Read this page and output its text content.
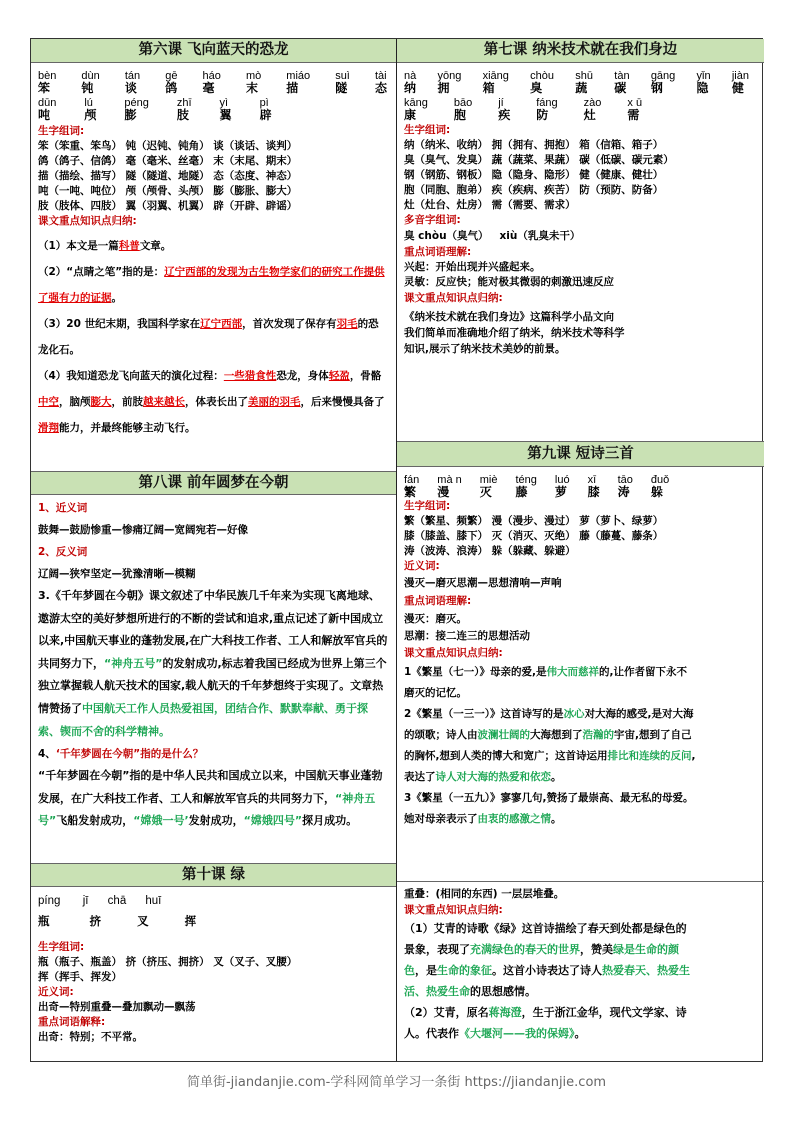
第六课 飞向蓝天的恐龙
bèn
笨
dùn
钝
tán
谈
gē
鸽
háo
毫
mò
末
miáo
描
suì
隧
tài
态
dūn
吨
lú
颅
péng
膨
zhī
肢
yì
翼
pì
辟
生字组词:
笨（笨重、笨鸟） 钝（迟钝、钝角） 谈（谈话、谈判）
鸽（鸽子、信鸽） 毫（毫米、丝毫） 末（末尾、期末）
描（描绘、描写） 隧（隧道、地隧） 态（态度、神态）
吨（一吨、吨位） 颅（颅骨、头颅） 膨（膨胀、膨大）
肢（肢体、四肢） 翼（羽翼、机翼） 辟（开辟、辟谣）
课文重点知识点归纳:
（1）本文是一篇科普文章。
（2）“点睛之笔”指的是：辽宁西部的发现为古生物学家们的研究工作提供了强有力的证据。
（3）20 世纪末期，我国科学家在辽宁西部，首次发现了保存有羽毛的恐龙化石。
（4）我知道恐龙飞向蓝天的演化过程：一些猎食性恐龙，身体轻盈，骨骼中空，脑颅膨大，前肢越来越长，体表长出了美丽的羽毛，后来慢慢具备了滑翔能力，并最终能够主动飞行。
第八课 前年圆梦在今朝
1、近义词
鼓舞—鼓励惨重—惨痛辽阔—宽阔宛若—好像
2、反义词
辽阔—狭窄坚定—犹豫清晰—模糊
3.《千年梦圆在今朝》课文叙述了中华民族几千年来为实现飞离地球、遨游太空的美好梦想所进行的不断的尝试和追求,重点记述了新中国成立以来,中国航天事业的蓬勃发展,在广大科技工作者、工人和解放军官兵的共同努力下，“神舟五号”的发射成功,标志着我国已经成为世界上第三个独立掌握载人航天技术的国家,载人航天的千年梦想终于实现了。文章热情赞扬了中国航天工作人员热爱祖国，团结合作、默默奉献、勇于探索、锲而不舍的科学精神。
4、‘千年梦圆在今朝”指的是什么？
“千年梦圆在今朝”指的是中华人民共和国成立以来，中国航天事业蓬勃发展，在广大科技工作者、工人和解放军官兵的共同努力下，“神舟五号”飞船发射成功，“嫦娥一号’发射成功，“嫦娥四号”探月成功。
第十课 绿
píng       jī      chā      huī
瓶          挤         叉         挥
生字组词:
瓶（瓶子、瓶盖） 挤（挤压、拥挤） 叉（叉子、叉腰）
挥（挥手、挥发）
近义词:
出奇—特别重叠—叠加飘动—飘荡
重点词语解释:
出奇：特别；不平常。
第七课 纳米技术就在我们身边
nà
纳
yōng
拥
xiāng
箱
chòu
臭
shū
蔬
tàn
碳
gāng
钢
yǐn
隐
jiàn
健
kāng
康
bāo
胞
jí
疾
fáng
防
zào
灶
x ū
需
生字组词:
纳（纳米、收纳） 拥（拥有、拥抱） 箱（信箱、箱子）
臭（臭气、发臭） 蔬（蔬菜、果蔬） 碳（低碳、碳元素）
钢（钢筋、钢板） 隐（隐身、隐形） 健（健康、健壮）
胞（同胞、胞弟） 疾（疾病、疾苦） 防（预防、防备）
灶（灶台、灶房） 需（需要、需求）
多音字组词:
臭 chòu（臭气）   xiù（乳臭未干）
重点词语理解:
兴起：开始出现并兴盛起来。
灵敏：反应快；能对极其微弱的刺激迅速反应
课文重点知识点归纳:
《纳米技术就在我们身边》这篇科学小品文向
我们简单而准确地介绍了纳米，纳米技术等科学
知识,展示了纳米技术美妙的前景。
第九课 短诗三首
fán
繁
mà n
漫
miè
灭
téng
藤
luó
萝
xī
膝
tāo
涛
đuǒ
躲
生字组词:
繁（繁星、频繁） 漫（漫步、漫过） 萝（萝卜、绿萝）
膝（膝盖、膝下） 灭（消灭、灭绝） 藤（藤蔓、藤条）
涛（波涛、浪涛） 躲（躲藏、躲避）
近义词:
漫灭—磨灭思潮—思想清响—声响
重点词语理解:
漫灭：磨灭。
思潮：接二连三的思想活动
课文重点知识点归纳:
1《繁星（七一）》母亲的爱,是伟大而慈祥的,让作者留下永不磨灭的记忆。
2《繁星（一三一）》这首诗写的是冰心对大海的感受,是对大海的颂歌；诗人由波澜壮阔的大海想到了浩瀚的宇宙,想到了自己的胸怀,想到人类的博大和宽广；这首诗运用排比和连续的反问,表达了诗人对大海的热爱和依恋。
3《繁星（一五九）》寥寥几句,赞扬了最崇高、最无私的母爱。她对母亲表示了由衷的感激之情。
重叠：(相同的东西) 一层层堆叠。
课文重点知识点归纳:
（1）艾青的诗歌《绿》这首诗描绘了春天到处都是绿色的景象，表现了充满绿色的春天的世界，赞美绿是生命的颜色，是生命的象征。这首小诗表达了诗人热爱春天、热爱生活、热爱生命的思想感情。
（2）艾青，原名蒋海澄，生于浙江金华，现代文学家、诗人。代表作《大堰河——我的保姆》。
简单街-jiandanjie.com-学科网简单学习一条街 https://jiandanjie.com
